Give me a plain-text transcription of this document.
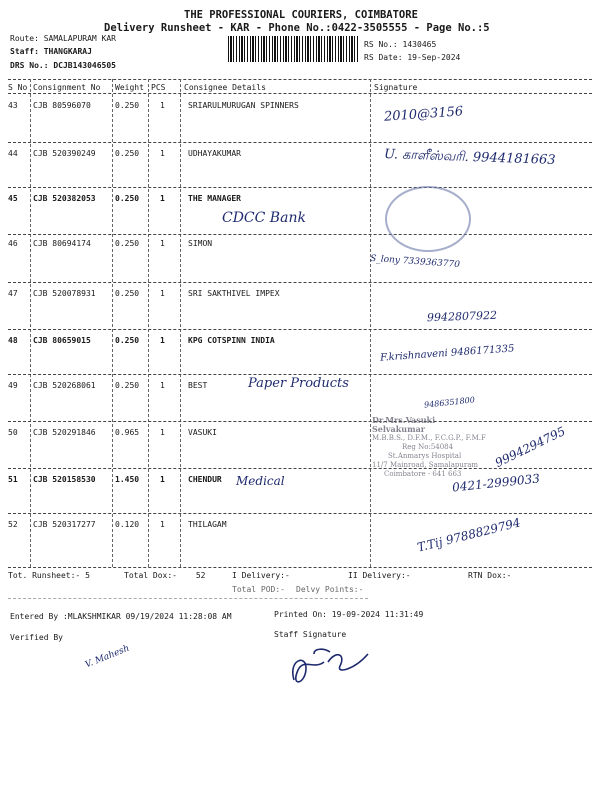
THE PROFESSIONAL COURIERS, COIMBATORE
Delivery Runsheet - KAR - Phone No.:0422-3505555 - Page No.:5
Route: SAMALAPURAM KAR
Staff: THANGKARAJ
DRS No.: DCJB143046505
RS No.: 1430465
RS Date: 19-Sep-2024
S No Consignment No Weight PCS Consignee Details	Signature
43 CJB 80596070	0.250	1	SRIARULMURUGAN SPINNERS	2010@3156
44 CJB 520390249 0.250	1	UDHAYAKUMAR	U. காளீஸ்வரி. 9944181663
45 CJB 520382053 0.250	1	THE MANAGER
CDCC Bank
46 CJB 80694174	0.250	1	SIMON
S_lony 7339363770
47 CJB 520078931 0.250	1	SRI SAKTHIVEL IMPEX
9942807922
48 CJB 80659015	0.250	1	KPG COTSPINN INDIA
F.krishnaveni 9486171335
49 CJB 520268061 0.250	1	BEST	Paper Products
9486351800
50 CJB 520291846 0.965	1	VASUKI	9994294795
51 CJB 520158530 1.450	1	CHENDUR Medical	0421-2999033
52 CJB 520317277 0.120	1	THILAGAM	T.Tij 9788829794
Dr.Mrs.Vasuki Selvakumar
M.B.B.S., D.F.M., F.C.G.P., F.M.F
Reg No:54084
St.Anmarys Hospital
11/7 Mainroad, Samalapuram
Coimbatore - 641 663
Tot. Runsheet:- 5	Total Dox:- 52	I Delivery:-	II Delivery:-	RTN Dox:-
Total POD:- Delvy Points:-
Entered By :MLAKSHMIKAR 09/19/2024 11:28:08 AM	Printed On: 19-09-2024 11:31:49
Verified By	Staff Signature
V. Mahesh
